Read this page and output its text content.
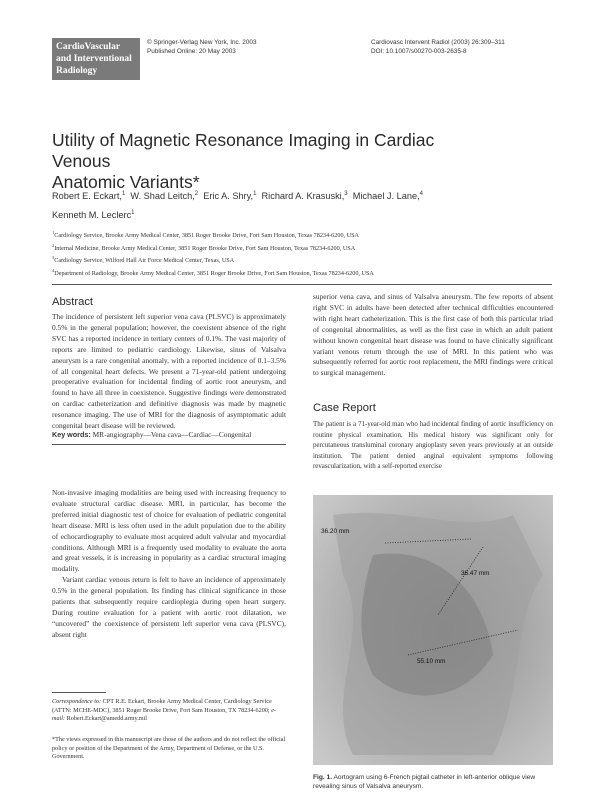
CardioVascular
and Interventional
Radiology
© Springer-Verlag New York, Inc. 2003
Published Online: 20 May 2003
Cardiovasc Intervent Radiol (2003) 26:309–311
DOI: 10.1007/s00270-003-2635-8
Utility of Magnetic Resonance Imaging in Cardiac Venous
Anatomic Variants*
Robert E. Eckart,$^1$ W. Shad Leitch,$^2$ Eric A. Shry,$^1$ Richard A. Krasuski,$^3$ Michael J. Lane,$^4$
Kenneth M. Leclerc$^1$
$^1$Cardiology Service, Brooke Army Medical Center, 3851 Roger Brooke Drive, Fort Sam Houston, Texas 78234-6200, USA
$^2$Internal Medicine, Brooke Army Medical Center, 3851 Roger Brooke Drive, Fort Sam Houston, Texas 78234-6200, USA
$^3$Cardiology Service, Wilford Hall Air Force Medical Center, Texas, USA
$^4$Department of Radiology, Brooke Army Medical Center, 3851 Roger Brooke Drive, Fort Sam Houston, Texas 78234-6200, USA
Abstract

The incidence of persistent left superior vena cava (PLSVC) is approximately 0.5% in the general population; however, the coexistent absence of the right SVC has a reported incidence in tertiary centers of 0.1%. The vast majority of reports are limited to pediatric cardiology. Likewise, sinus of Valsalva aneurysm is a rare congenital anomaly, with a reported incidence of 0.1–3.5% of all congenital heart defects. We present a 71-year-old patient undergoing preoperative evaluation for incidental finding of aortic root aneurysm, and found to have all three in coexistence. Suggestive findings were demonstrated on cardiac catheterization and definitive diagnosis was made by magnetic resonance imaging. The use of MRI for the diagnosis of asymptomatic adult congenital heart disease will be reviewed.

Key words: MR-angiography—Vena cava—Cardiac—Congenital

Non-invasive imaging modalities are being used with increasing frequency to evaluate structural cardiac disease. MRI, in particular, has become the preferred initial diagnostic test of choice for evaluation of pediatric congenital heart disease. MRI is less often used in the adult population due to the ability of echocardiography to evaluate most acquired adult valvular and myocardial conditions. Although MRI is a frequently used modality to evaluate the aorta and great vessels, it is increasing in popularity as a cardiac structural imaging modality.

Variant cardiac venous return is felt to have an incidence of approximately 0.5% in the general population. Its finding has clinical significance in those patients that subsequently require cardioplegia during open heart surgery. During routine evaluation for a patient with aortic root dilatation, we “uncovered” the coexistence of persistent left superior vena cava (PLSVC), absent right

superior vena cava, and sinus of Valsalva aneurysm. The few reports of absent right SVC in adults have been detected after technical difficulties encountered with right heart catheterization. This is the first case of both this particular triad of congenital abnormalities, as well as the first case in which an adult patient without known congenital heart disease was found to have clinically significant variant venous return through the use of MRI. In this patient who was subsequently referred for aortic root replacement, the MRI findings were critical to surgical management.

Case Report

The patient is a 71-year-old man who had incidental finding of aortic insufficiency on routine physical examination. His medical history was significant only for percutaneous transluminal coronary angioplasty seven years previously at an outside institution. The patient denied anginal equivalent symptoms following revascularization, with a self-reported exercise

36.20 mm
36.47 mm
55.10 mm
Fig. 1. Aortogram using 6-French pigtail catheter in left-anterior oblique view revealing sinus of Valsalva aneurysm.
Correspondence to: CPT R.E. Eckart, Brooke Army Medical Center, Cardiology Service (ATTN: MCHE-MDC), 3851 Roger Brooke Drive, Fort Sam Houston, TX 78234-6200; e-mail: Robert.Eckart@amedd.army.mil
*The views expressed in this manuscript are those of the authors and do not reflect the official policy or position of the Department of the Army, Department of Defense, or the U.S. Government.
